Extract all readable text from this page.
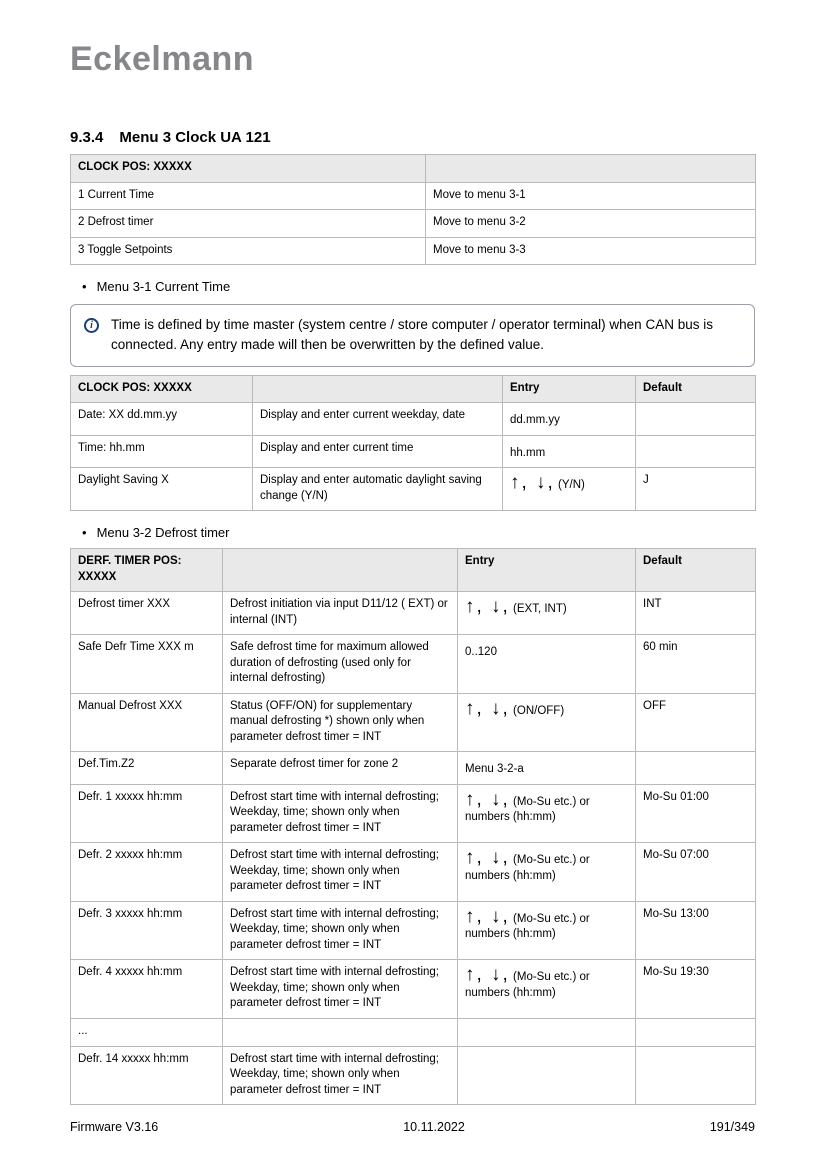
Eckelmann
9.3.4 Menu 3 Clock UA 121
CLOCK POS: XXXXX	
1 Current Time	Move to menu 3-1
2 Defrost timer	Move to menu 3-2
3 Toggle Setpoints	Move to menu 3-3
• Menu 3-1 Current Time
i	Time is defined by time master (system centre / store computer / operator terminal) when CAN bus is connected. Any entry made will then be overwritten by the defined value.
CLOCK POS: XXXXX		Entry	Default
Date: XX dd.mm.yy	Display and enter current weekday, date	dd.mm.yy	
Time: hh.mm	Display and enter current time	hh.mm	
Daylight Saving X	Display and enter automatic daylight saving change (Y/N)	↑, ↓, (Y/N)	J
• Menu 3-2 Defrost timer
DERF. TIMER POS: XXXXX		Entry	Default
Defrost timer XXX	Defrost initiation via input D11/12 ( EXT) or internal (INT)	↑, ↓, (EXT, INT)	INT
Safe Defr Time XXX m	Safe defrost time for maximum allowed duration of defrosting (used only for internal defrosting)	0..120	60 min
Manual Defrost XXX	Status (OFF/ON) for supplementary manual defrosting *) shown only when parameter defrost timer = INT	↑, ↓, (ON/OFF)	OFF
Def.Tim.Z2	Separate defrost timer for zone 2	Menu 3-2-a	
Defr. 1 xxxxx hh:mm	Defrost start time with internal defrosting; Weekday, time; shown only when parameter defrost timer = INT	↑, ↓, (Mo-Su etc.) or numbers (hh:mm)	Mo-Su 01:00
Defr. 2 xxxxx hh:mm	Defrost start time with internal defrosting; Weekday, time; shown only when parameter defrost timer = INT	↑, ↓, (Mo-Su etc.) or numbers (hh:mm)	Mo-Su 07:00
Defr. 3 xxxxx hh:mm	Defrost start time with internal defrosting; Weekday, time; shown only when parameter defrost timer = INT	↑, ↓, (Mo-Su etc.) or numbers (hh:mm)	Mo-Su 13:00
Defr. 4 xxxxx hh:mm	Defrost start time with internal defrosting; Weekday, time; shown only when parameter defrost timer = INT	↑, ↓, (Mo-Su etc.) or numbers (hh:mm)	Mo-Su 19:30
...			
Defr. 14 xxxxx hh:mm	Defrost start time with internal defrosting; Weekday, time; shown only when parameter defrost timer = INT		
Firmware V3.16	10.11.2022	191/349
